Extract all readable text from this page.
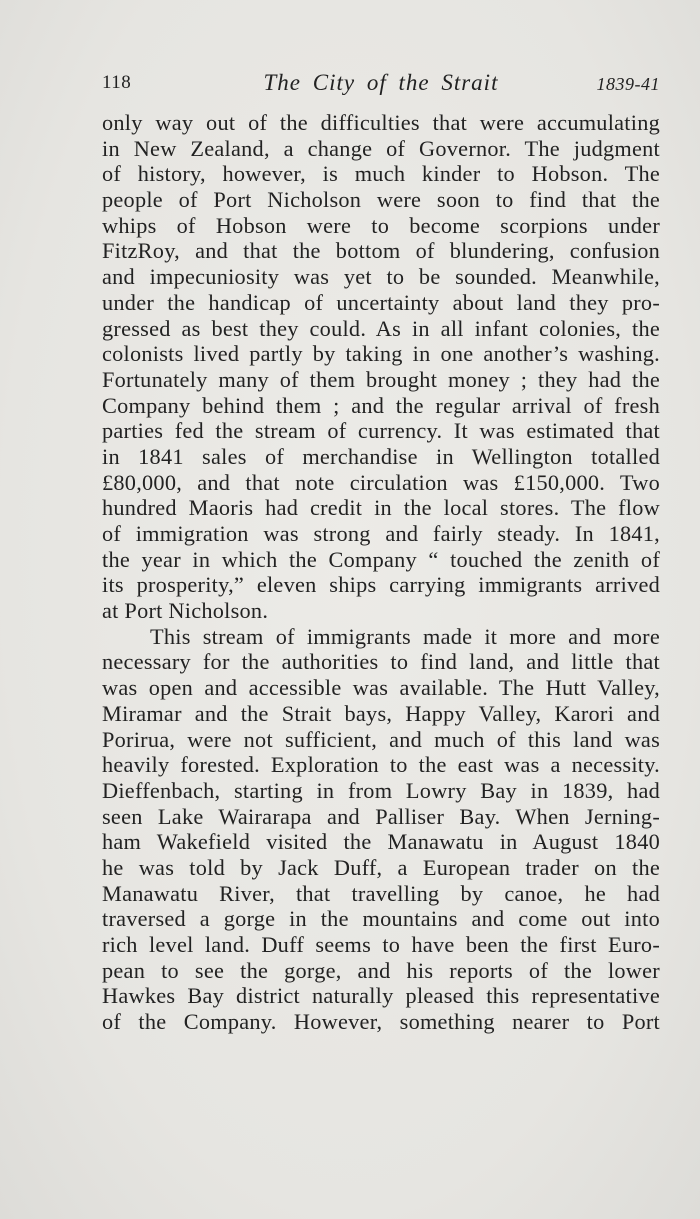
118	The City of the Strait	1839-41
only way out of the difficulties that were accumulating
in New Zealand, a change of Governor. The judgment
of history, however, is much kinder to Hobson. The
people of Port Nicholson were soon to find that the
whips of Hobson were to become scorpions under
FitzRoy, and that the bottom of blundering, confusion
and impecuniosity was yet to be sounded. Meanwhile,
under the handicap of uncertainty about land they pro-
gressed as best they could. As in all infant colonies, the
colonists lived partly by taking in one another’s washing.
Fortunately many of them brought money ; they had the
Company behind them ; and the regular arrival of fresh
parties fed the stream of currency. It was estimated that
in 1841 sales of merchandise in Wellington totalled
£80,000, and that note circulation was £150,000. Two
hundred Maoris had credit in the local stores. The flow
of immigration was strong and fairly steady. In 1841,
the year in which the Company “ touched the zenith of
its prosperity,” eleven ships carrying immigrants arrived
at Port Nicholson.
This stream of immigrants made it more and more
necessary for the authorities to find land, and little that
was open and accessible was available. The Hutt Valley,
Miramar and the Strait bays, Happy Valley, Karori and
Porirua, were not sufficient, and much of this land was
heavily forested. Exploration to the east was a necessity.
Dieffenbach, starting in from Lowry Bay in 1839, had
seen Lake Wairarapa and Palliser Bay. When Jerning-
ham Wakefield visited the Manawatu in August 1840
he was told by Jack Duff, a European trader on the
Manawatu River, that travelling by canoe, he had
traversed a gorge in the mountains and come out into
rich level land. Duff seems to have been the first Euro-
pean to see the gorge, and his reports of the lower
Hawkes Bay district naturally pleased this representative
of the Company. However, something nearer to Port
